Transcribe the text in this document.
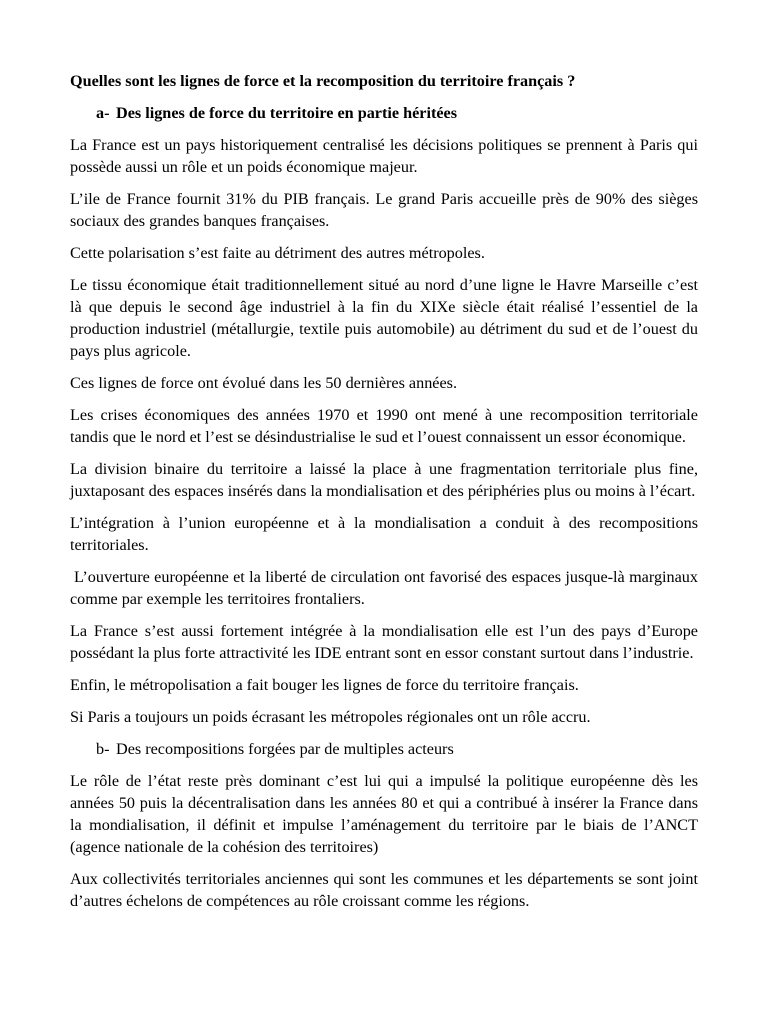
Quelles sont les lignes de force et la recomposition du territoire français ?

a- Des lignes de force du territoire en partie héritées

La France est un pays historiquement centralisé les décisions politiques se prennent à Paris qui possède aussi un rôle et un poids économique majeur.

L’ile de France fournit 31% du PIB français. Le grand Paris accueille près de 90% des sièges sociaux des grandes banques françaises.

Cette polarisation s’est faite au détriment des autres métropoles.

Le tissu économique était traditionnellement situé au nord d’une ligne le Havre Marseille c’est là que depuis le second âge industriel à la fin du XIXe siècle était réalisé l’essentiel de la production industriel (métallurgie, textile puis automobile) au détriment du sud et de l’ouest du pays plus agricole.

Ces lignes de force ont évolué dans les 50 dernières années.

Les crises économiques des années 1970 et 1990 ont mené à une recomposition territoriale tandis que le nord et l’est se désindustrialise le sud et l’ouest connaissent un essor économique.

La division binaire du territoire a laissé la place à une fragmentation territoriale plus fine, juxtaposant des espaces insérés dans la mondialisation et des périphéries plus ou moins à l’écart.

L’intégration à l’union européenne et à la mondialisation a conduit à des recompositions territoriales.

L’ouverture européenne et la liberté de circulation ont favorisé des espaces jusque-là marginaux comme par exemple les territoires frontaliers.

La France s’est aussi fortement intégrée à la mondialisation elle est l’un des pays d’Europe possédant la plus forte attractivité les IDE entrant sont en essor constant surtout dans l’industrie.

Enfin, le métropolisation a fait bouger les lignes de force du territoire français.

Si Paris a toujours un poids écrasant les métropoles régionales ont un rôle accru.

b- Des recompositions forgées par de multiples acteurs

Le rôle de l’état reste près dominant c’est lui qui a impulsé la politique européenne dès les années 50 puis la décentralisation dans les années 80 et qui a contribué à insérer la France dans la mondialisation, il définit et impulse l’aménagement du territoire par le biais de l’ANCT (agence nationale de la cohésion des territoires)

Aux collectivités territoriales anciennes qui sont les communes et les départements se sont joint d’autres échelons de compétences au rôle croissant comme les régions.
